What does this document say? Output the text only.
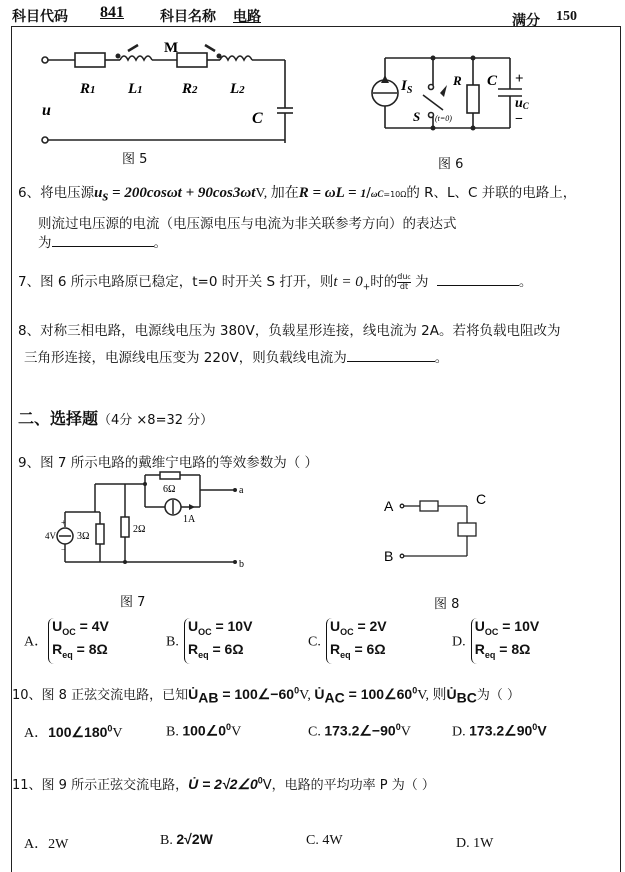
科目代码 841	科目名称 电路	满分 150
M
R1 L1	R2 L2
u	C
图 5
$I_S$
R C +
uC
−
S (t=0)
图 6
6、将电压源$u_s = 200\cos\omega t + 90\cos 3\omega tV$, 加在R = ωL = 1/ωC=10Ω的 R、L、C 并联的电路上，
则流过电压源的电流（电压源电压与电流为非关联参考方向）的表达式
为	。
7、图 6 所示电路原已稳定，t=0 时开关 S 打开，则$t = 0_+$时的 $\frac{\text{duc}}{dt}$ 为	。
8、对称三相电路，电源线电压为 380V，负载星形连接，线电流为 2A。若将负载电阻改为
三角形连接，电源线电压变为 220V，则负载线电流为	。
二、选择题（4分 ×8=32 分）
9、图 7 所示电路的戴维宁电路的等效参数为（ ）
6Ω	a
1A
4V
+
−
3Ω
2Ω
b
图 7
A	C
B
图 8
A．$U_{OC} = 4V$
$R_{eq} = 8\Omega$	B. $U_{OC} = 10V$
$R_{eq} = 6\Omega$	C. $U_{OC} = 2V$
$R_{eq} = 6\Omega$	D. $U_{OC} = 10V$
$R_{eq} = 8\Omega$
10、图 8 正弦交流电路，已知$U̇_{AB}$ = $100\angle-60^0V$, $U̇_{AC}$ = $100\angle 60^0V$, 则$U̇_{BC}$为（ ）
A．$100\angle 180^0V$	B. $100\angle 0^0V$	C. $173.2\angle-90^0V$	D. $173.2\angle 90^0V$
11、图 9 所示正弦交流电路，U̇ = $2√2\angle 0^0V$，电路的平均功率 P 为（ ）
A．2W	B. 2√2W	C. 4W	D. 1W
